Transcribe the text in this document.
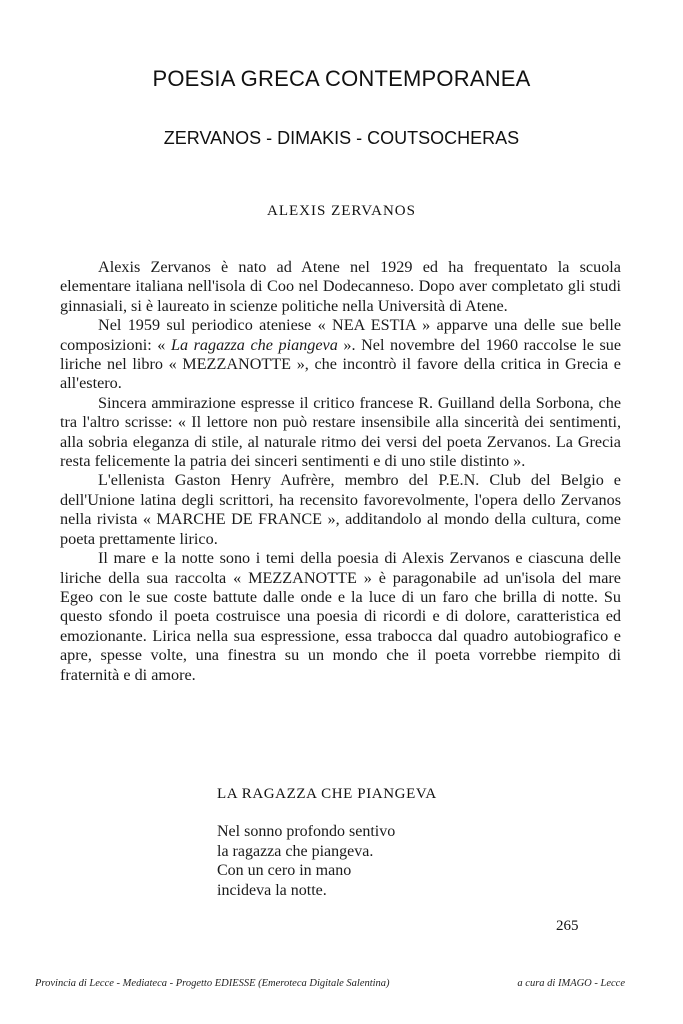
POESIA GRECA CONTEMPORANEA
ZERVANOS - DIMAKIS - COUTSOCHERAS
ALEXIS ZERVANOS

Alexis Zervanos è nato ad Atene nel 1929 ed ha frequentato la scuola elementare italiana nell'isola di Coo nel Dodecanneso. Dopo aver completato gli studi ginnasiali, si è laureato in scienze politiche nella Università di Atene.

Nel 1959 sul periodico ateniese « NEA ESTIA » apparve una delle sue belle composizioni: « La ragazza che piangeva ». Nel novembre del 1960 raccolse le sue liriche nel libro « MEZZANOTTE », che incontrò il favore della critica in Grecia e all'estero.

Sincera ammirazione espresse il critico francese R. Guilland della Sorbona, che tra l'altro scrisse: « Il lettore non può restare insensibile alla sincerità dei sentimenti, alla sobria eleganza di stile, al naturale ritmo dei versi del poeta Zervanos. La Grecia resta felicemente la patria dei sinceri sentimenti e di uno stile distinto ».

L'ellenista Gaston Henry Aufrère, membro del P.E.N. Club del Belgio e dell'Unione latina degli scrittori, ha recensito favorevolmente, l'opera dello Zervanos nella rivista « MARCHE DE FRANCE », additandolo al mondo della cultura, come poeta prettamente lirico.

Il mare e la notte sono i temi della poesia di Alexis Zervanos e ciascuna delle liriche della sua raccolta « MEZZANOTTE » è paragonabile ad un'isola del mare Egeo con le sue coste battute dalle onde e la luce di un faro che brilla di notte. Su questo sfondo il poeta costruisce una poesia di ricordi e di dolore, caratteristica ed emozionante. Lirica nella sua espressione, essa trabocca dal quadro autobiografico e apre, spesse volte, una finestra su un mondo che il poeta vorrebbe riempito di fraternità e di amore.

LA RAGAZZA CHE PIANGEVA
Nel sonno profondo sentivo
la ragazza che piangeva.
Con un cero in mano
incideva la notte.
265
Provincia di Lecce - Mediateca - Progetto EDIESSE (Emeroteca Digitale Salentina)	a cura di IMAGO - Lecce
